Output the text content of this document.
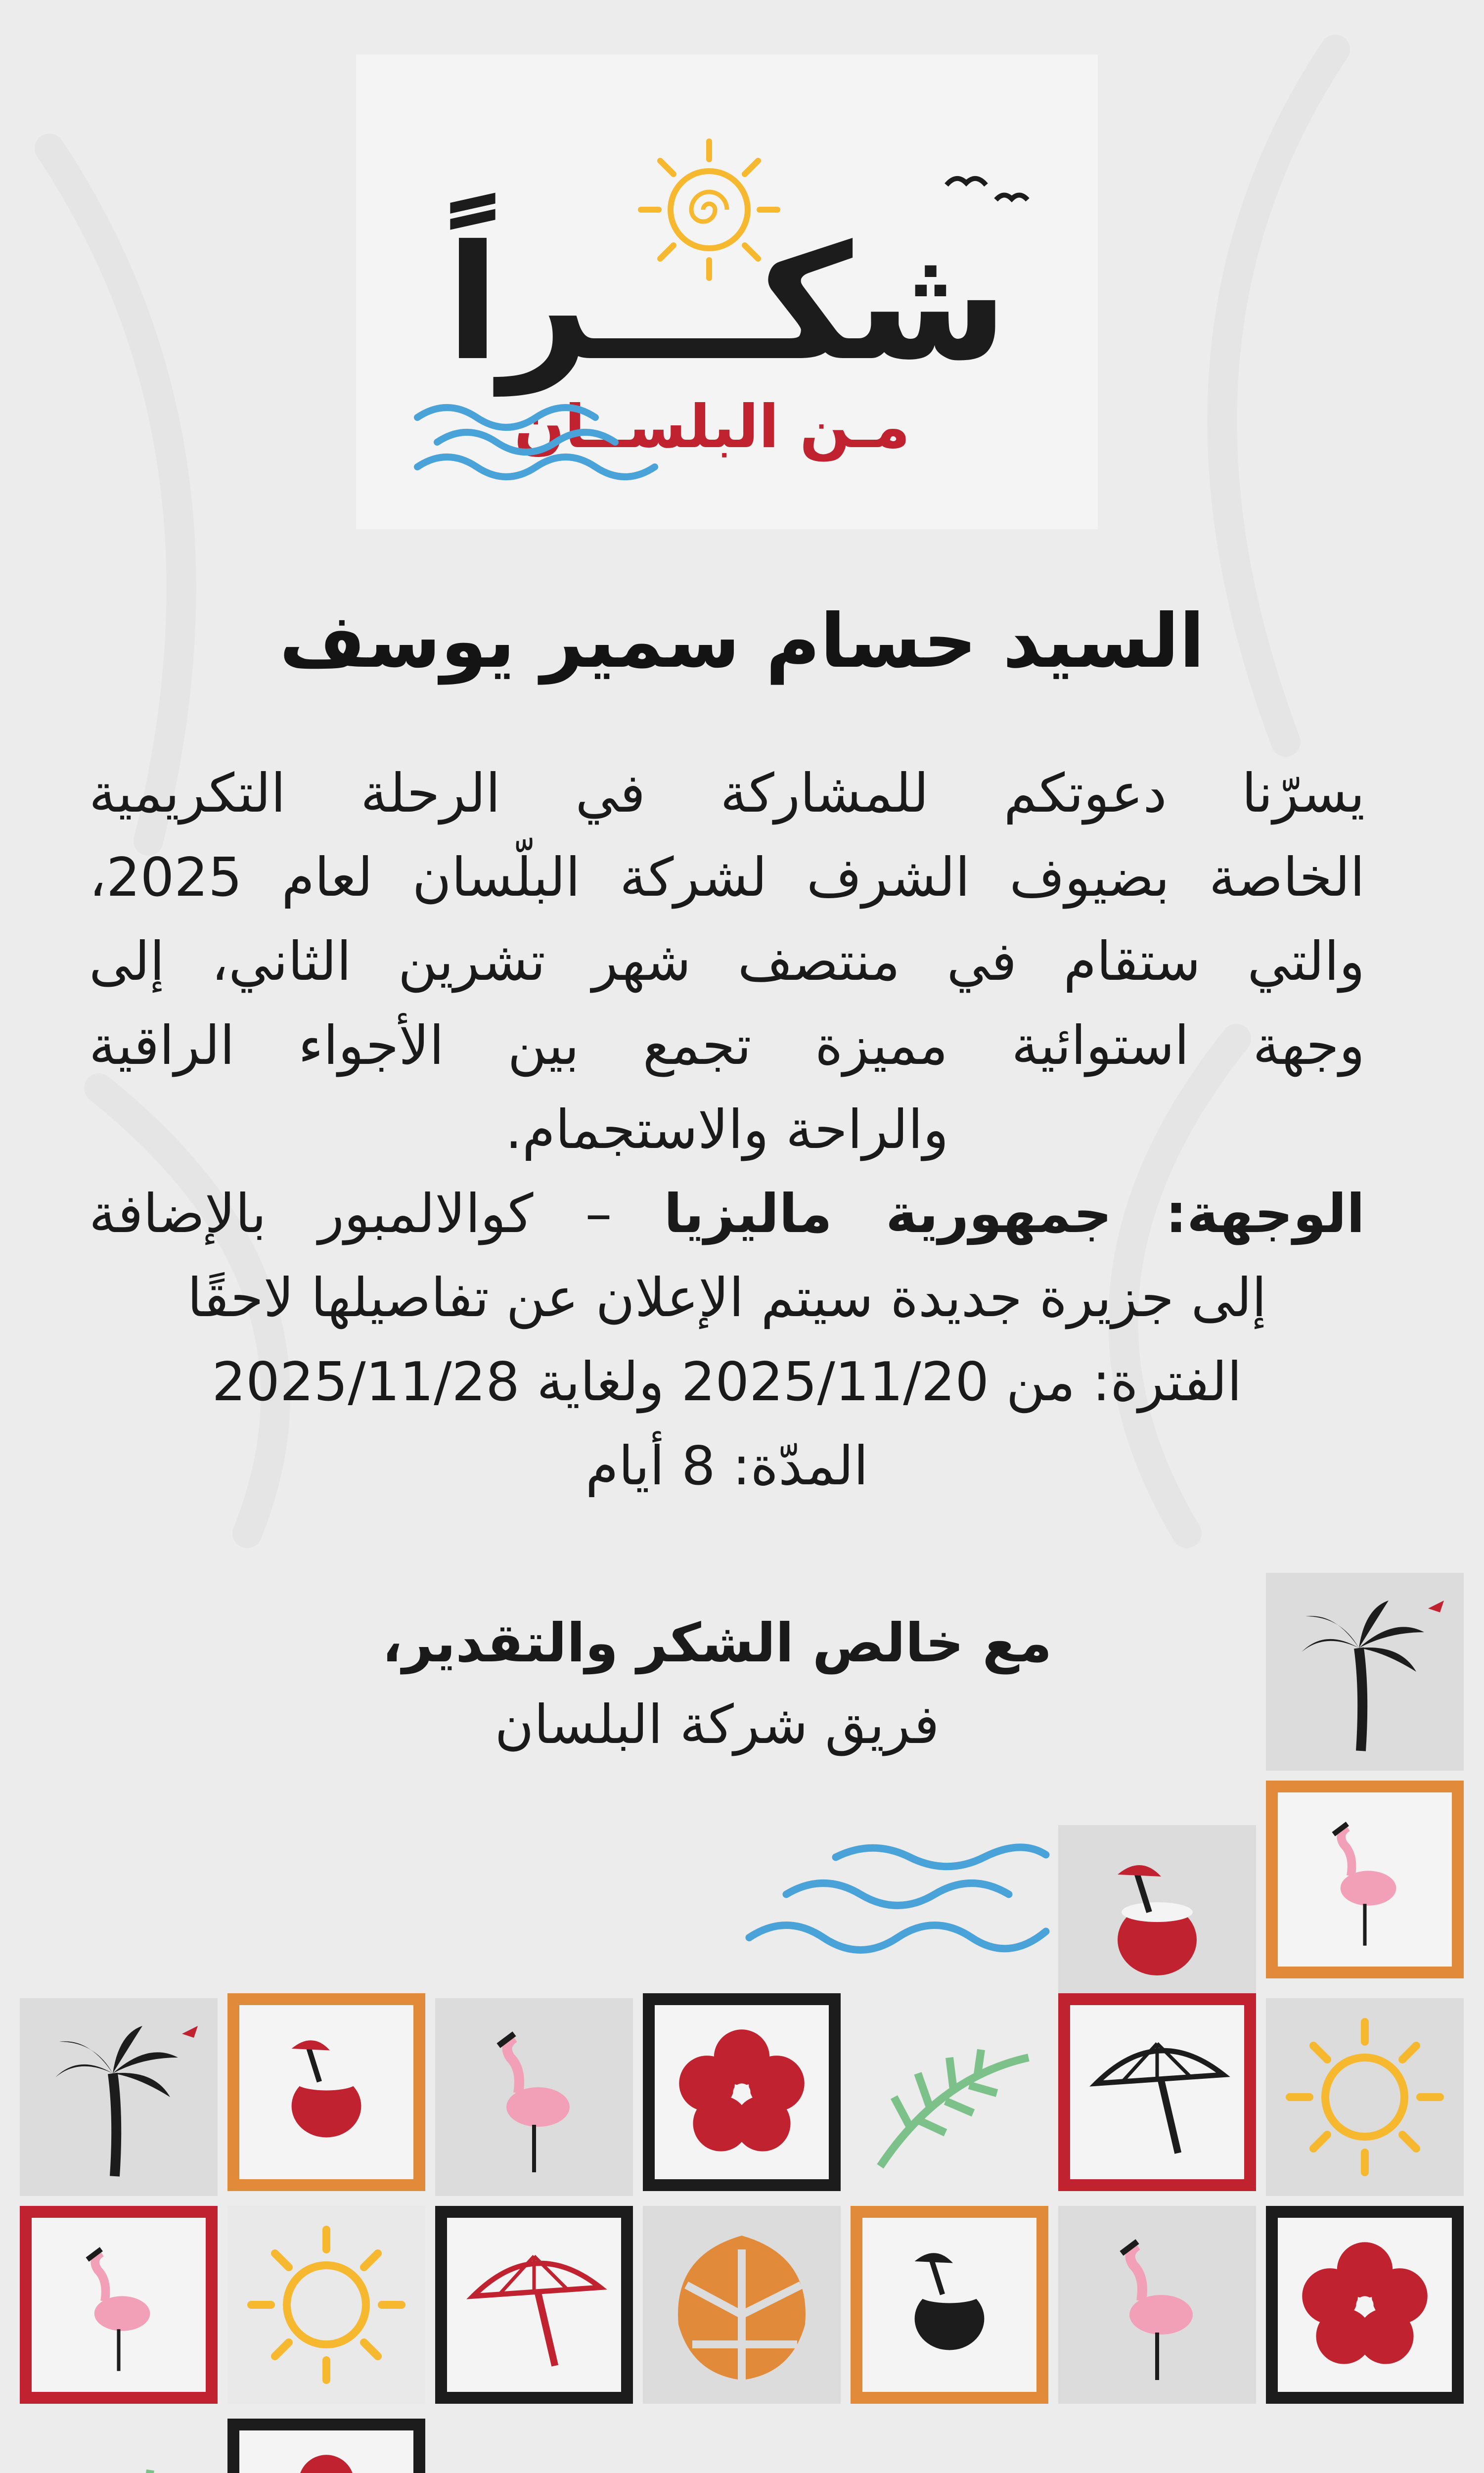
شكـــراً
مـن البلســان
السيد حسام سمير يوسف

يسرّنا دعوتكم للمشاركة في الرحلة التكريمية

الخاصة بضيوف الشرف لشركة البلّسان لعام 2025،

والتي ستقام في منتصف شهر تشرين الثاني، إلى

وجهة استوائية مميزة تجمع بين الأجواء الراقية

والراحة والاستجمام.

الوجهة: جمهورية ماليزيا – كوالالمبور بالإضافة

إلى جزيرة جديدة سيتم الإعلان عن تفاصيلها لاحقًا

الفترة: من 2025/11/20 ولغاية 2025/11/28

المدّة: 8 أيام

مع خالص الشكر والتقدير،
فريق شركة البلسان
